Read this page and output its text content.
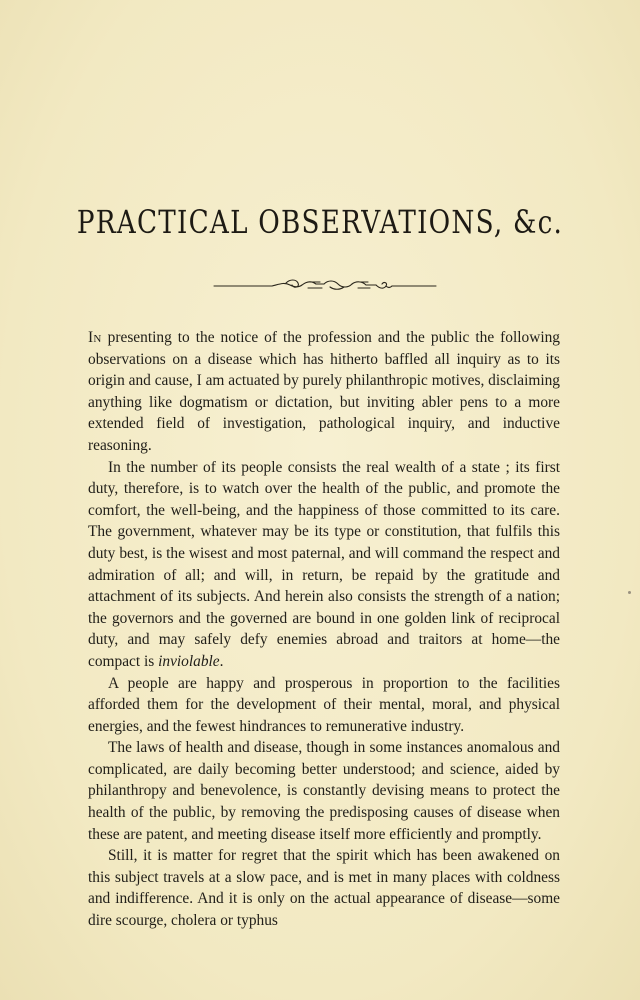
PRACTICAL OBSERVATIONS, &c.

In presenting to the notice of the profession and the public the following observations on a disease which has hitherto baffled all inquiry as to its origin and cause, I am actuated by purely philanthropic motives, disclaiming anything like dogmatism or dictation, but inviting abler pens to a more extended field of investigation, pathological inquiry, and inductive reasoning.

In the number of its people consists the real wealth of a state ; its first duty, therefore, is to watch over the health of the public, and promote the comfort, the well-being, and the happiness of those committed to its care. The government, whatever may be its type or constitution, that fulfils this duty best, is the wisest and most paternal, and will command the respect and admiration of all; and will, in return, be repaid by the gratitude and attachment of its subjects. And herein also consists the strength of a nation; the governors and the governed are bound in one golden link of reciprocal duty, and may safely defy enemies abroad and traitors at home—the compact is inviolable.

A people are happy and prosperous in proportion to the facilities afforded them for the development of their mental, moral, and physical energies, and the fewest hindrances to remunerative industry.

The laws of health and disease, though in some instances anomalous and complicated, are daily becoming better understood; and science, aided by philanthropy and benevolence, is constantly devising means to protect the health of the public, by removing the predisposing causes of disease when these are patent, and meeting disease itself more efficiently and promptly.

Still, it is matter for regret that the spirit which has been awakened on this subject travels at a slow pace, and is met in many places with coldness and indifference. And it is only on the actual appearance of disease—some dire scourge, cholera or typhus
